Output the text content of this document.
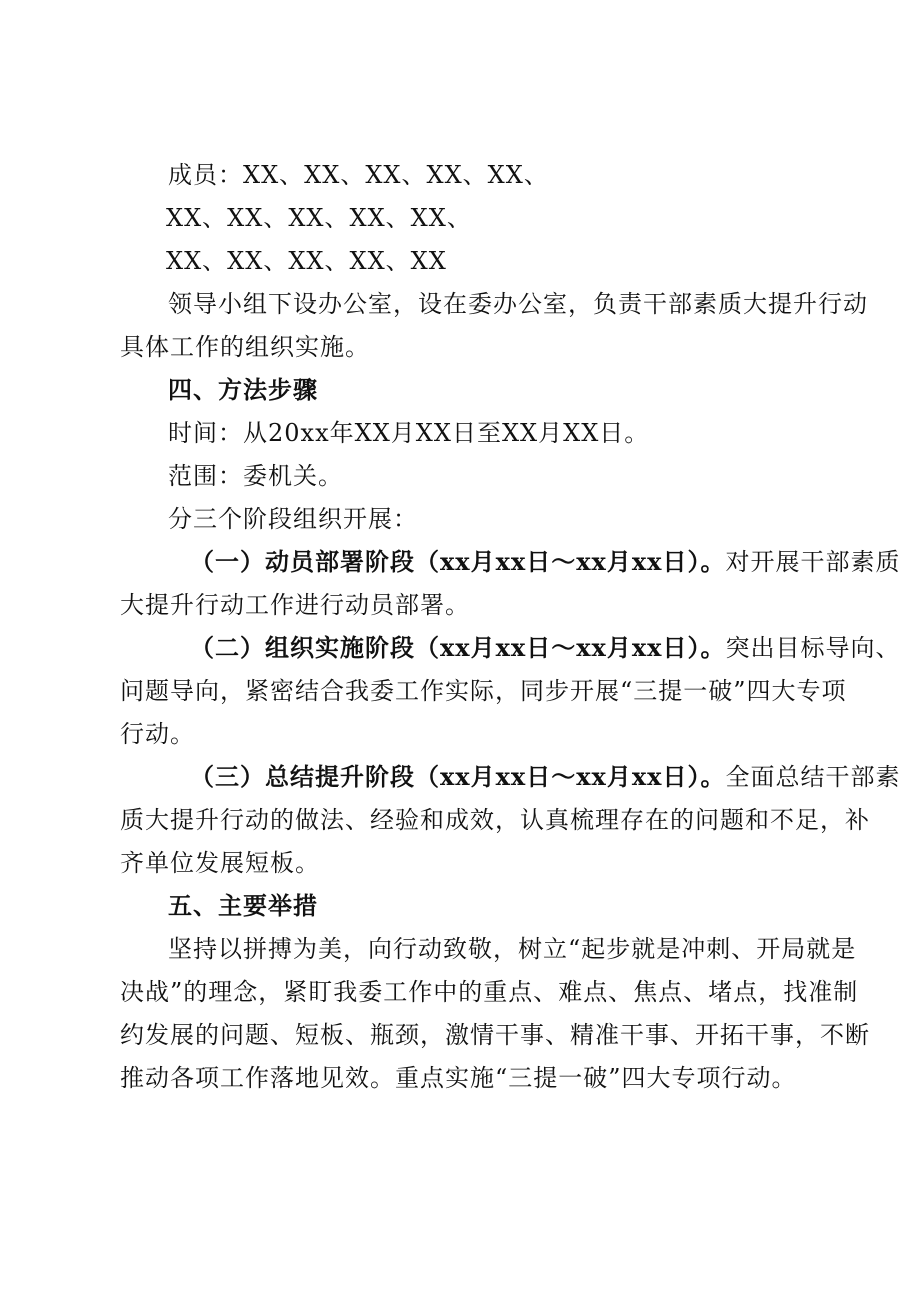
成员：XX、XX、XX、XX、XX、
XX、XX、XX、XX、XX、
XX、XX、XX、XX、XX
领导小组下设办公室，设在委办公室，负责干部素质大提升行动
具体工作的组织实施。
四、方法步骤
时间：从20xx年XX月XX日至XX月XX日。
范围：委机关。
分三个阶段组织开展：
（一）动员部署阶段（xx月xx日～xx月xx日）。对开展干部素质
大提升行动工作进行动员部署。
（二）组织实施阶段（xx月xx日～xx月xx日）。突出目标导向、
问题导向，紧密结合我委工作实际，同步开展“三提一破”四大专项
行动。
（三）总结提升阶段（xx月xx日～xx月xx日）。全面总结干部素
质大提升行动的做法、经验和成效，认真梳理存在的问题和不足，补
齐单位发展短板。
五、主要举措
坚持以拼搏为美，向行动致敬，树立“起步就是冲刺、开局就是
决战”的理念，紧盯我委工作中的重点、难点、焦点、堵点，找准制
约发展的问题、短板、瓶颈，激情干事、精准干事、开拓干事，不断
推动各项工作落地见效。重点实施“三提一破”四大专项行动。
